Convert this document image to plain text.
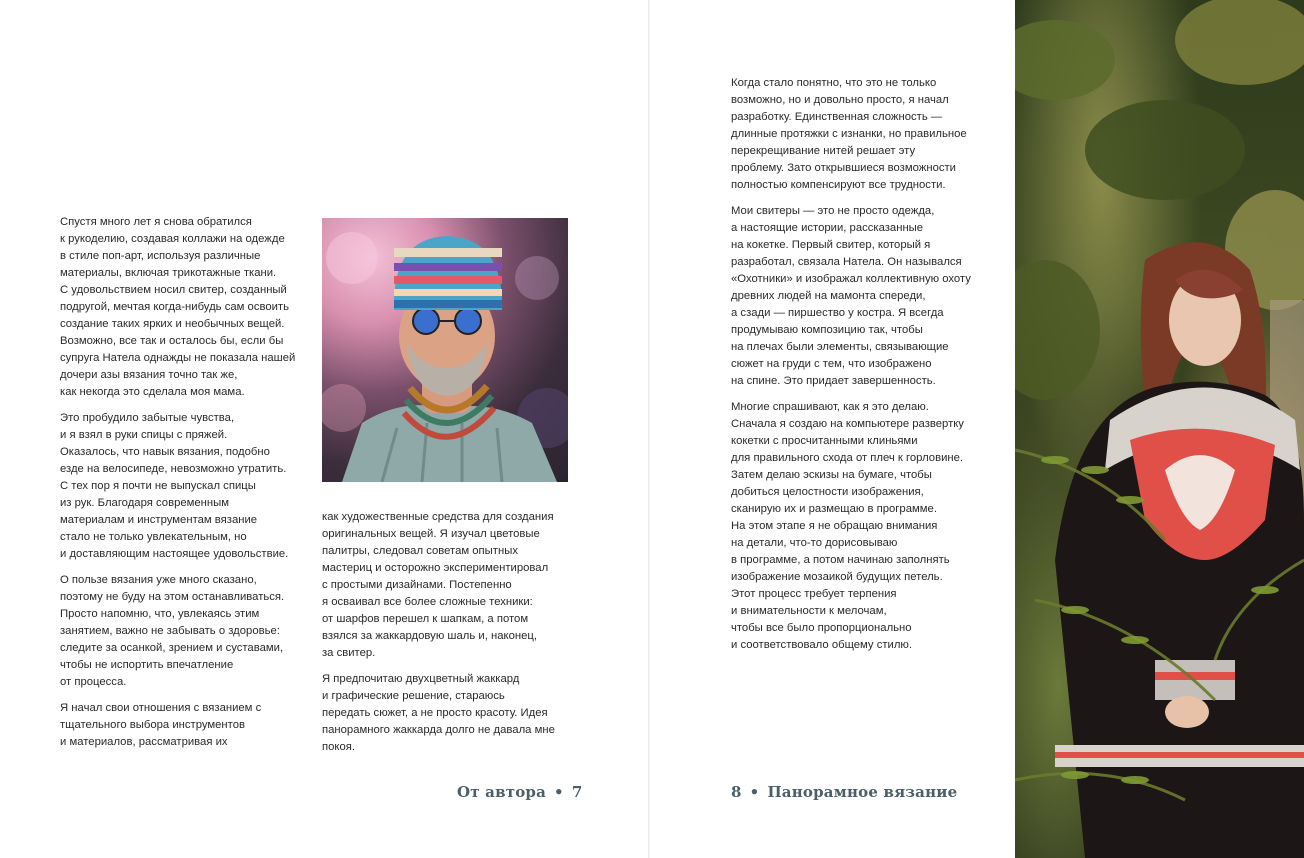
Спустя много лет я снова обратился
к рукоделию, создавая коллажи на одежде
в стиле поп-арт, используя различные
материалы, включая трикотажные ткани.
С удовольствием носил свитер, созданный
подругой, мечтая когда-нибудь сам освоить
создание таких ярких и необычных вещей.
Возможно, все так и осталось бы, если бы
супруга Натела однажды не показала нашей
дочери азы вязания точно так же,
как некогда это сделала моя мама.

Это пробудило забытые чувства,
и я взял в руки спицы с пряжей.
Оказалось, что навык вязания, подобно
езде на велосипеде, невозможно утратить.
С тех пор я почти не выпускал спицы
из рук. Благодаря современным
материалам и инструментам вязание
стало не только увлекательным, но
и доставляющим настоящее удовольствие.

О пользе вязания уже много сказано,
поэтому не буду на этом останавливаться.
Просто напомню, что, увлекаясь этим
занятием, важно не забывать о здоровье:
следите за осанкой, зрением и суставами,
чтобы не испортить впечатление
от процесса.

Я начал свои отношения с вязанием с
тщательного выбора инструментов
и материалов, рассматривая их

как художественные средства для создания
оригинальных вещей. Я изучал цветовые
палитры, следовал советам опытных
мастериц и осторожно экспериментировал
с простыми дизайнами. Постепенно
я осваивал все более сложные техники:
от шарфов перешел к шапкам, а потом
взялся за жаккардовую шаль и, наконец,
за свитер.

Я предпочитаю двухцветный жаккард
и графические решение, стараюсь
передать сюжет, а не просто красоту. Идея
панорамного жаккарда долго не давала мне
покоя.

От автора • 7

Когда стало понятно, что это не только
возможно, но и довольно просто, я начал
разработку. Единственная сложность —
длинные протяжки с изнанки, но правильное
перекрещивание нитей решает эту
проблему. Зато открывшиеся возможности
полностью компенсируют все трудности.

Мои свитеры — это не просто одежда,
а настоящие истории, рассказанные
на кокетке. Первый свитер, который я
разработал, связала Натела. Он назывался
«Охотники» и изображал коллективную охоту
древних людей на мамонта спереди,
а сзади — пиршество у костра. Я всегда
продумываю композицию так, чтобы
на плечах были элементы, связывающие
сюжет на груди с тем, что изображено
на спине. Это придает завершенность.

Многие спрашивают, как я это делаю.
Сначала я создаю на компьютере развертку
кокетки с просчитанными клиньями
для правильного схода от плеч к горловине.
Затем делаю эскизы на бумаге, чтобы
добиться целостности изображения,
сканирую их и размещаю в программе.
На этом этапе я не обращаю внимания
на детали, что-то дорисовываю
в программе, а потом начинаю заполнять
изображение мозаикой будущих петель.
Этот процесс требует терпения
и внимательности к мелочам,
чтобы все было пропорционально
и соответствовало общему стилю.

8 • Панорамное вязание
